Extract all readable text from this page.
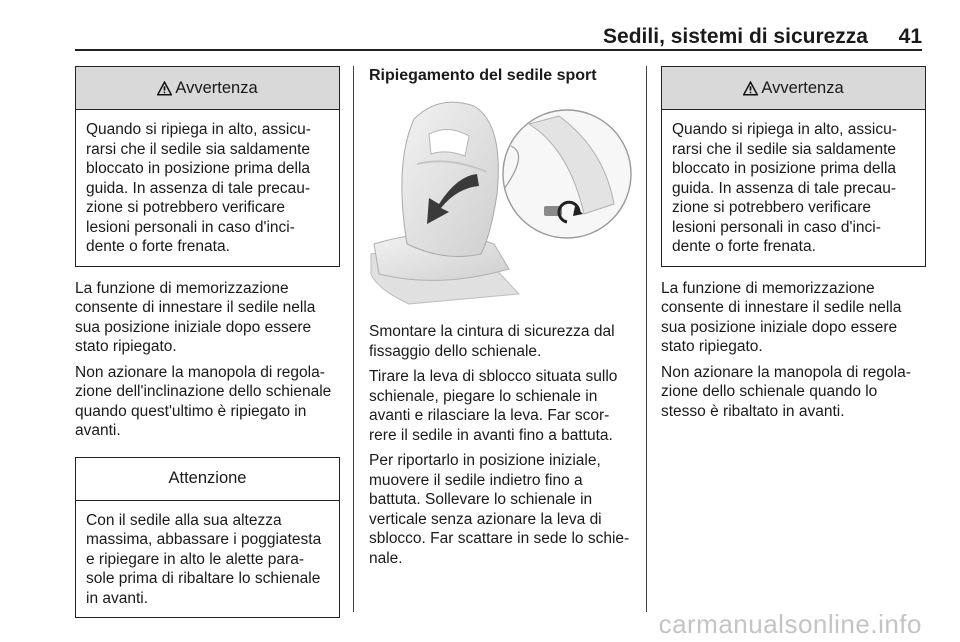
Sedili, sistemi di sicurezza 41
Avvertenza
Quando si ripiega in alto, assicu-
rarsi che il sedile sia saldamente
bloccato in posizione prima della
guida. In assenza di tale precau-
zione si potrebbero verificare
lesioni personali in caso d'inci-
dente o forte frenata.

La funzione di memorizzazione
consente di innestare il sedile nella
sua posizione iniziale dopo essere
stato ripiegato.

Non azionare la manopola di regola-
zione dell'inclinazione dello schienale
quando quest'ultimo è ripiegato in
avanti.

Attenzione
Con il sedile alla sua altezza
massima, abbassare i poggiatesta
e ripiegare in alto le alette para-
sole prima di ribaltare lo schienale
in avanti.
Ripiegamento del sedile sport

Smontare la cintura di sicurezza dal
fissaggio dello schienale.

Tirare la leva di sblocco situata sullo
schienale, piegare lo schienale in
avanti e rilasciare la leva. Far scor-
rere il sedile in avanti fino a battuta.

Per riportarlo in posizione iniziale,
muovere il sedile indietro fino a
battuta. Sollevare lo schienale in
verticale senza azionare la leva di
sblocco. Far scattare in sede lo schie-
nale.

Avvertenza
Quando si ripiega in alto, assicu-
rarsi che il sedile sia saldamente
bloccato in posizione prima della
guida. In assenza di tale precau-
zione si potrebbero verificare
lesioni personali in caso d'inci-
dente o forte frenata.

La funzione di memorizzazione
consente di innestare il sedile nella
sua posizione iniziale dopo essere
stato ripiegato.

Non azionare la manopola di regola-
zione dello schienale quando lo
stesso è ribaltato in avanti.

carmanualsonline.info
